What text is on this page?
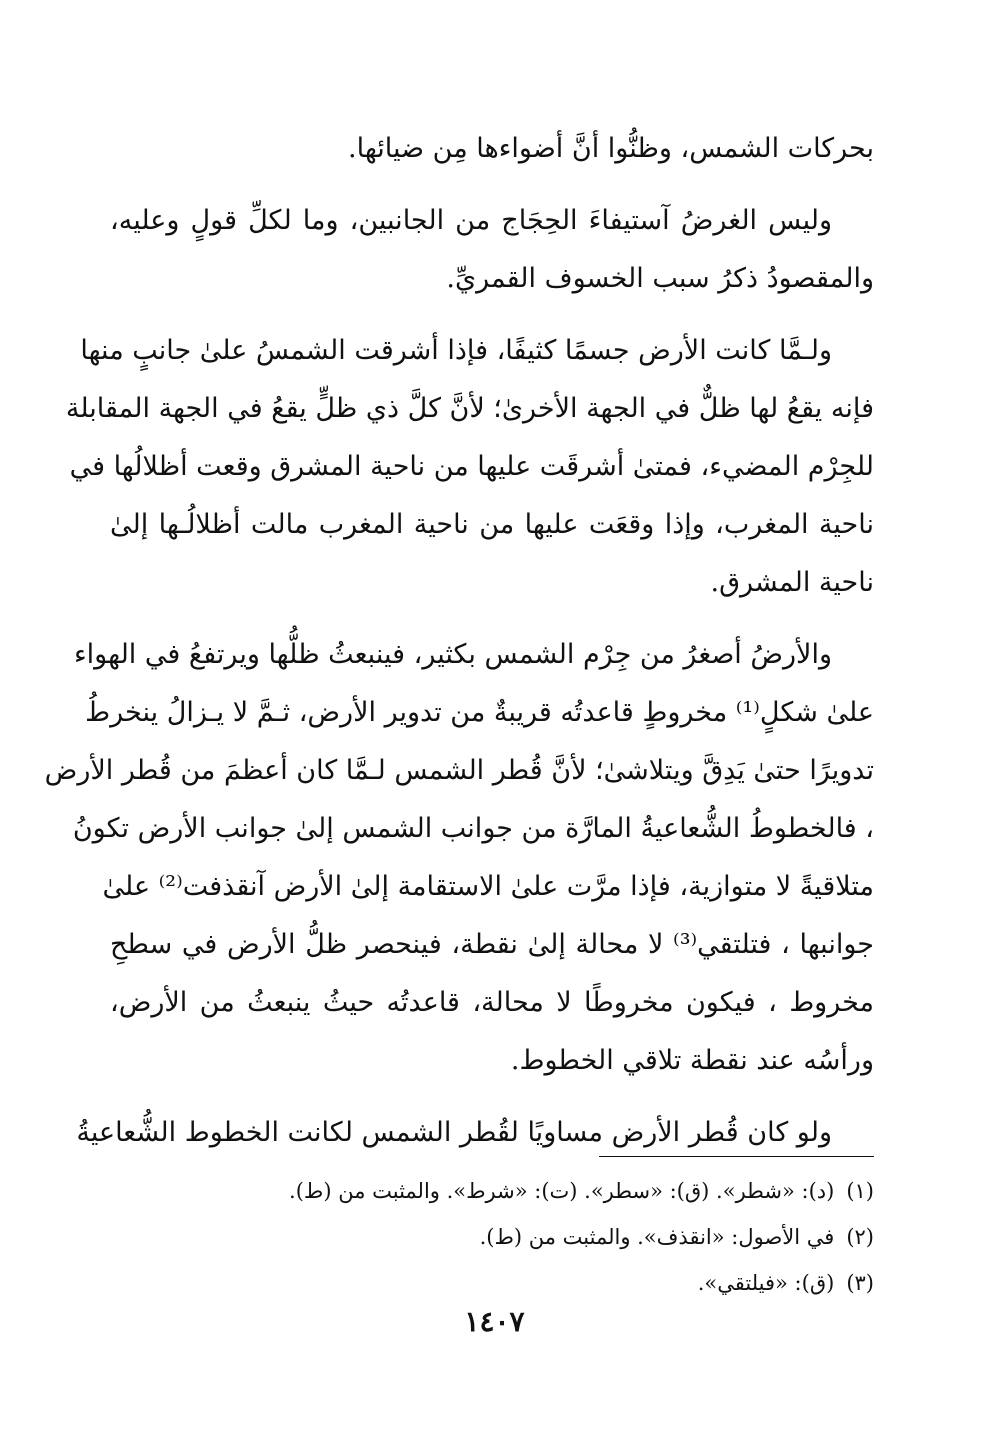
بحركات الشمس، وظنُّوا أنَّ أضواءها مِن ضيائها.
وليس الغرضُ آستيفاءَ الحِجَاج من الجانبين، وما لكلِّ قولٍ وعليه،
والمقصودُ ذكرُ سبب الخسوف القمريِّ.
ولـمَّا كانت الأرض جسمًا كثيفًا، فإذا أشرقت الشمسُ علىٰ جانبٍ منها
فإنه يقعُ لها ظلٌّ في الجهة الأخرىٰ؛ لأنَّ كلَّ ذي ظلٍّ يقعُ في الجهة المقابلة
للجِرْم المضيء، فمتىٰ أشرقَت عليها من ناحية المشرق وقعت أظلالُها في
ناحية المغرب، وإذا وقعَت عليها من ناحية المغرب مالت أظلالُـها إلىٰ
ناحية المشرق.
والأرضُ أصغرُ من جِرْم الشمس بكثير، فينبعثُ ظلُّها ويرتفعُ في الهواء
علىٰ شكلٍ⁽¹⁾ مخروطٍ قاعدتُه قريبةٌ من تدوير الأرض، ثـمَّ لا يـزالُ ينخرطُ
تدويرًا حتىٰ يَدِقَّ ويتلاشىٰ؛ لأنَّ قُطر الشمس لـمَّا كان أعظمَ من قُطر الأرض
، فالخطوطُ الشُّعاعيةُ المارَّة من جوانب الشمس إلىٰ جوانب الأرض تكونُ
متلاقيةً لا متوازية، فإذا مرَّت علىٰ الاستقامة إلىٰ الأرض آنقذفت⁽²⁾ علىٰ
جوانبها ، فتلتقي⁽³⁾ لا محالة إلىٰ نقطة، فينحصر ظلُّ الأرض في سطحِ
مخروط ، فيكون مخروطًا لا محالة، قاعدتُه حيثُ ينبعثُ من الأرض،
ورأسُه عند نقطة تلاقي الخطوط.
ولو كان قُطر الأرض مساويًا لقُطر الشمس لكانت الخطوط الشُّعاعيةُ
(١)(د): «شطر». (ق): «سطر». (ت): «شرط». والمثبت من (ط).
(٢)في الأصول: «انقذف». والمثبت من (ط).
(٣)(ق): «فيلتقي».
١٤٠٧
